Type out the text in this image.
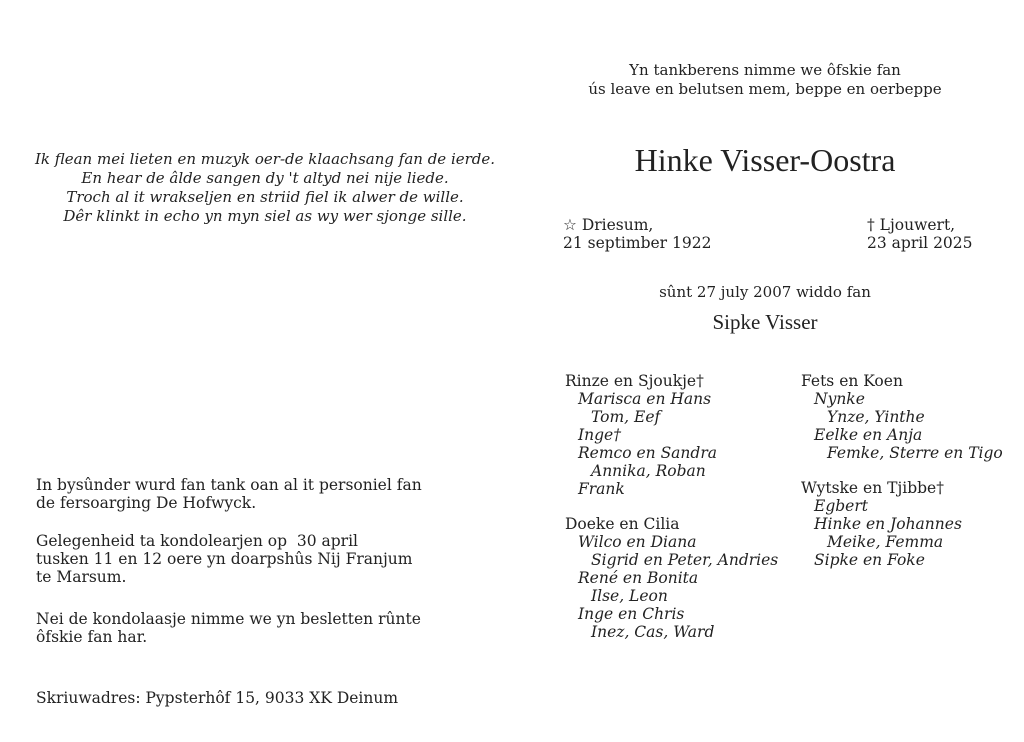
Ik flean mei lieten en muzyk oer-de klaachsang fan de ierde.
En hear de âlde sangen dy 't altyd nei nije liede.
Troch al it wrakseljen en striid fiel ik alwer de wille.
Dêr klinkt in echo yn myn siel as wy wer sjonge sille.
In bysûnder wurd fan tank oan al it personiel fan
de fersoarging De Hofwyck.
Gelegenheid ta kondolearjen op  30 april
tusken 11 en 12 oere yn doarpshûs Nij Franjum
te Marsum.
Nei de kondolaasje nimme we yn besletten rûnte
ôfskie fan har.
Skriuwadres: Pypsterhôf 15, 9033 XK Deinum
Yn tankberens nimme we ôfskie fan
ús leave en belutsen mem, beppe en oerbeppe
Hinke Visser-Oostra
☆ Driesum,
21 septimber 1922
† Ljouwert,
23 april 2025
sûnt 27 july 2007 widdo fan
Sipke Visser
Rinze en Sjoukje†
Marisca en Hans
Tom, Eef
Inge†
Remco en Sandra
Annika, Roban
Frank
Doeke en Cilia
Wilco en Diana
Sigrid en Peter, Andries
René en Bonita
Ilse, Leon
Inge en Chris
Inez, Cas, Ward
Fets en Koen
Nynke
Ynze, Yinthe
Eelke en Anja
Femke, Sterre en Tigo
Wytske en Tjibbe†
Egbert
Hinke en Johannes
Meike, Femma
Sipke en Foke
